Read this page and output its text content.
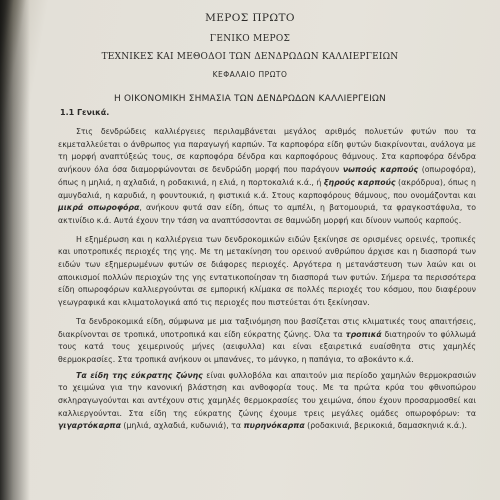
ΜΕΡΟΣ ΠΡΩΤΟ
ΓΕΝΙΚΟ ΜΕΡΟΣ
ΤΕΧΝΙΚΕΣ ΚΑΙ ΜΕΘΟΔΟΙ ΤΩΝ ΔΕΝΔΡΩΔΩΝ ΚΑΛΛΙΕΡΓΕΙΩΝ
ΚΕΦΑΛΑΙΟ ΠΡΩΤΟ
Η ΟΙΚΟΝΟΜΙΚΗ ΣΗΜΑΣΙΑ ΤΩΝ ΔΕΝΔΡΩΔΩΝ ΚΑΛΛΙΕΡΓΕΙΩΝ
1.1 Γενικά.

Στις δενδρώδεις καλλιέργειες περιλαμβάνεται μεγάλος αριθμός πολυετών φυτών που τα εκμεταλλεύεται ο άνθρωπος για παραγωγή καρπών. Τα καρποφόρα είδη φυτών διακρίνονται, ανάλογα με τη μορφή αναπτύξεώς τους, σε καρποφόρα δένδρα και καρποφόρους θάμνους. Στα καρποφόρα δένδρα ανήκουν όλα όσα διαμορφώνονται σε δενδρώδη μορφή που παράγουν νωπούς καρπούς (οπωροφόρα), όπως η μηλιά, η αχλαδιά, η ροδακινιά, η ελιά, η πορτοκαλιά κ.ά., ή ξηρούς καρπούς (ακρόδρυα), όπως η αμυγδαλιά, η καρυδιά, η φουντουκιά, η φιστικιά κ.ά. Στους καρποφόρους θάμνους, που ονομάζονται και μικρά οπωροφόρα, ανήκουν φυτά σαν είδη, όπως το αμπέλι, η βατομουριά, τα φραγκοστάφυλα, το ακτινίδιο κ.ά. Αυτά έχουν την τάση να αναπτύσσονται σε θαμνώδη μορφή και δίνουν νωπούς καρπούς.

Η εξημέρωση και η καλλιέργεια των δενδροκομικών ειδών ξεκίνησε σε ορισμένες ορεινές, τροπικές και υποτροπικές περιοχές της γης. Με τη μετακίνηση του ορεινού ανθρώπου άρχισε και η διασπορά των ειδών των εξημερωμένων φυτών σε διάφορες περιοχές. Αργότερα η μετανάστευση των λαών και οι αποικισμοί πολλών περιοχών της γης εντατικοποίησαν τη διασπορά των φυτών. Σήμερα τα περισσότερα είδη οπωροφόρων καλλιεργούνται σε εμπορική κλίμακα σε πολλές περιοχές του κόσμου, που διαφέρουν γεωγραφικά και κλιματολογικά από τις περιοχές που πιστεύεται ότι ξεκίνησαν.

Τα δενδροκομικά είδη, σύμφωνα με μια ταξινόμηση που βασίζεται στις κλιματικές τους απαιτήσεις, διακρίνονται σε τροπικά, υποτροπικά και είδη εύκρατης ζώνης. Όλα τα τροπικά διατηρούν το φύλλωμά τους κατά τους χειμερινούς μήνες (αειφυλλα) και είναι εξαιρετικά ευαίσθητα στις χαμηλές θερμοκρασίες. Στα τροπικά ανήκουν οι μπανάνες, το μάνγκο, η παπάγια, το αβοκάντο κ.ά.

Τα είδη της εύκρατης ζώνης είναι φυλλοβόλα και απαιτούν μια περίοδο χαμηλών θερμοκρασιών το χειμώνα για την κανονική βλάστηση και ανθοφορία τους. Με τα πρώτα κρύα του φθινοπώρου σκληραγωγούνται και αντέχουν στις χαμηλές θερμοκρασίες του χειμώνα, όπου έχουν προσαρμοσθεί και καλλιεργούνται. Στα είδη της εύκρατης ζώνης έχουμε τρεις μεγάλες ομάδες οπωροφόρων: τα γιγαρτόκαρπα (μηλιά, αχλαδιά, κυδωνιά), τα πυρηνόκαρπα (ροδακινιά, βερικοκιά, δαμασκηνιά κ.ά.).
